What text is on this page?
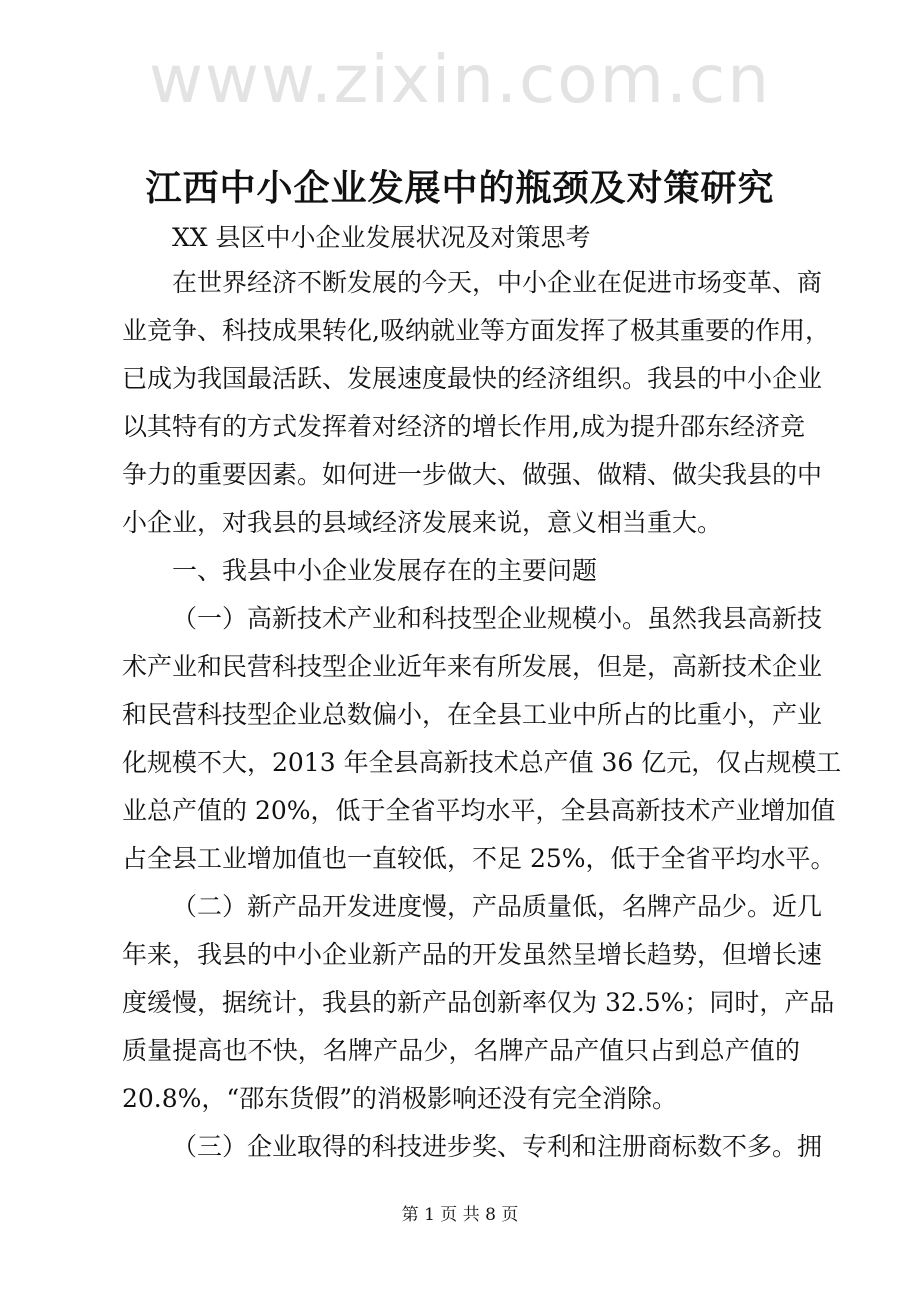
www.zixin.com.cn
江西中小企业发展中的瓶颈及对策研究
XX 县区中小企业发展状况及对策思考
在世界经济不断发展的今天，中小企业在促进市场变革、商
业竞争、科技成果转化,吸纳就业等方面发挥了极其重要的作用，
已成为我国最活跃、发展速度最快的经济组织。我县的中小企业
以其特有的方式发挥着对经济的增长作用,成为提升邵东经济竞
争力的重要因素。如何进一步做大、做强、做精、做尖我县的中
小企业，对我县的县域经济发展来说，意义相当重大。
一、我县中小企业发展存在的主要问题
（一）高新技术产业和科技型企业规模小。虽然我县高新技
术产业和民营科技型企业近年来有所发展，但是，高新技术企业
和民营科技型企业总数偏小，在全县工业中所占的比重小，产业
化规模不大，2013 年全县高新技术总产值 36 亿元，仅占规模工
业总产值的 20%，低于全省平均水平，全县高新技术产业增加值
占全县工业增加值也一直较低，不足 25%，低于全省平均水平。
（二）新产品开发进度慢，产品质量低，名牌产品少。近几
年来，我县的中小企业新产品的开发虽然呈增长趋势，但增长速
度缓慢，据统计，我县的新产品创新率仅为 32.5%；同时，产品
质量提高也不快，名牌产品少，名牌产品产值只占到总产值的
20.8%，“邵东货假”的消极影响还没有完全消除。
（三）企业取得的科技进步奖、专利和注册商标数不多。拥
第 1 页 共 8 页
